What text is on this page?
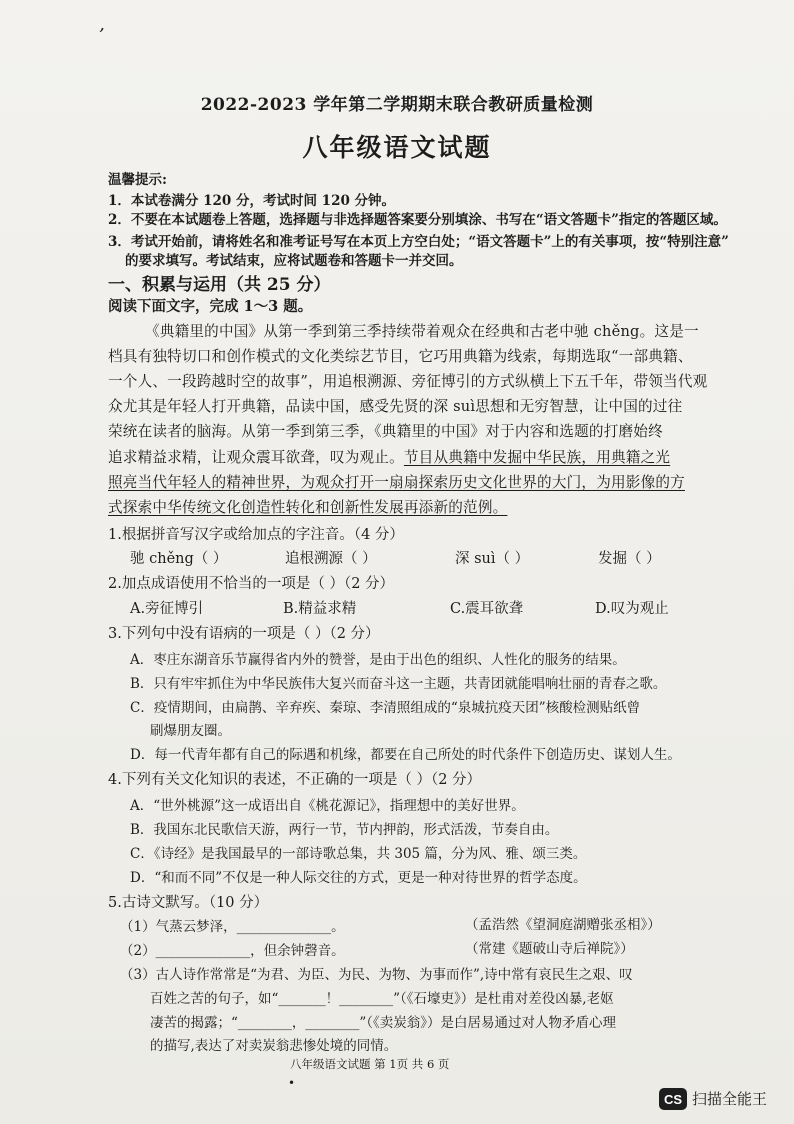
,
2022-2023 学年第二学期期末联合教研质量检测
八年级语文试题
温馨提示:
1．本试卷满分 120 分，考试时间 120 分钟。
2．不要在本试题卷上答题，选择题与非选择题答案要分别填涂、书写在“语文答题卡”指定的答题区域。
3．考试开始前，请将姓名和准考证号写在本页上方空白处；“语文答题卡”上的有关事项，按“特别注意”
的要求填写。考试结束，应将试题卷和答题卡一并交回。
一、积累与运用（共 25 分）
阅读下面文字，完成 1～3 题。
《典籍里的中国》从第一季到第三季持续带着观众在经典和古老中驰 chěng。这是一
档具有独特切口和创作模式的文化类综艺节目，它巧用典籍为线索，每期选取“一部典籍、
一个人、一段跨越时空的故事”，用追根溯源、旁征博引的方式纵横上下五千年，带领当代观
众尤其是年轻人打开典籍，品读中国，感受先贤的深 suì思想和无穷智慧，让中国的过往
荣统在读者的脑海。从第一季到第三季，《典籍里的中国》对于内容和选题的打磨始终
追求精益求精，让观众震耳欲聋，叹为观止。节目从典籍中发掘中华民族，用典籍之光
照亮当代年轻人的精神世界，为观众打开一扇扇探索历史文化世界的大门，为用影像的方
式探索中华传统文化创造性转化和创新性发展再添新的范例。
1.根据拼音写汉字或给加点的字注音。（4 分）
驰 chěng（ ）	追根溯源（ ）	深 suì（ ）	发掘（ ）
2.加点成语使用不恰当的一项是（ ）（2 分）
A.旁征博引	B.精益求精	C.震耳欲聋	D.叹为观止
3.下列句中没有语病的一项是（ ）（2 分）
A．枣庄东湖音乐节赢得省内外的赞誉，是由于出色的组织、人性化的服务的结果。
B．只有牢牢抓住为中华民族伟大复兴而奋斗这一主题，共青团就能唱响壮丽的青春之歌。
C．疫情期间，由扁鹊、辛弃疾、秦琼、李清照组成的“泉城抗疫天团”核酸检测贴纸曾
刷爆朋友圈。
D．每一代青年都有自己的际遇和机缘，都要在自己所处的时代条件下创造历史、谋划人生。
4.下列有关文化知识的表述，不正确的一项是（ ）（2 分）
A．“世外桃源”这一成语出自《桃花源记》，指理想中的美好世界。
B．我国东北民歌信天游，两行一节，节内押韵，形式活泼，节奏自由。
C．《诗经》是我国最早的一部诗歌总集，共 305 篇，分为风、雅、颂三类。
D．“和而不同”不仅是一种人际交往的方式，更是一种对待世界的哲学态度。
5.古诗文默写。（10 分）
（1）气蒸云梦泽，______________。	（孟浩然《望洞庭湖赠张丞相》）
（2）______________，但余钟磬音。	（常建《题破山寺后禅院》）
（3）古人诗作常常是“为君、为臣、为民、为物、为事而作”,诗中常有哀民生之艰、叹
百姓之苦的句子，如“_______！________”（《石壕吏》）是杜甫对差役凶暴,老妪
凄苦的揭露；“________，________”（《卖炭翁》）是白居易通过对人物矛盾心理
的描写,表达了对卖炭翁悲惨处境的同情。
八年级语文试题 第 1页 共 6 页
•
CS 扫描全能王
